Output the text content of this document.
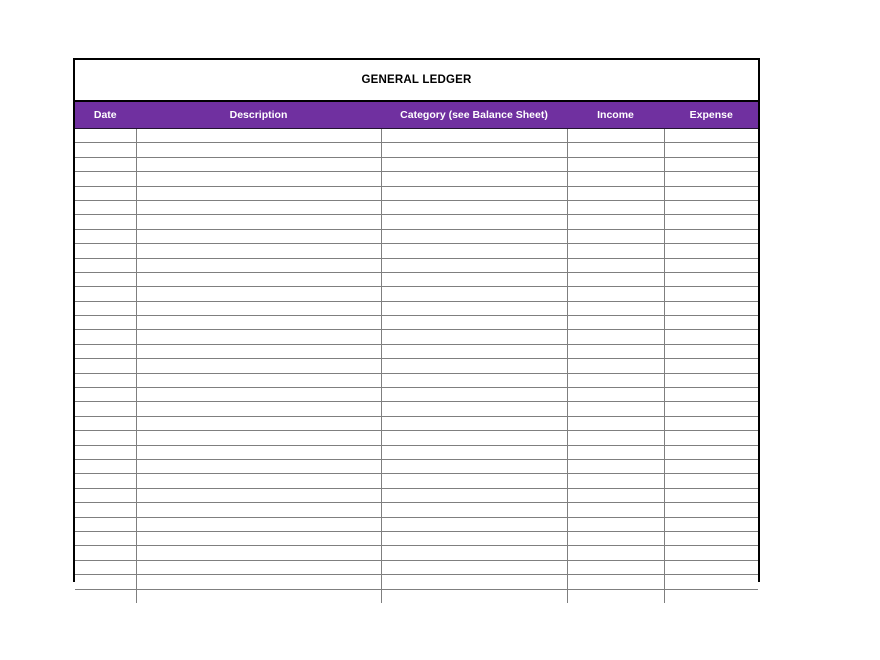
GENERAL LEDGER
Date	Description	Category (see Balance Sheet)	Income	Expense
